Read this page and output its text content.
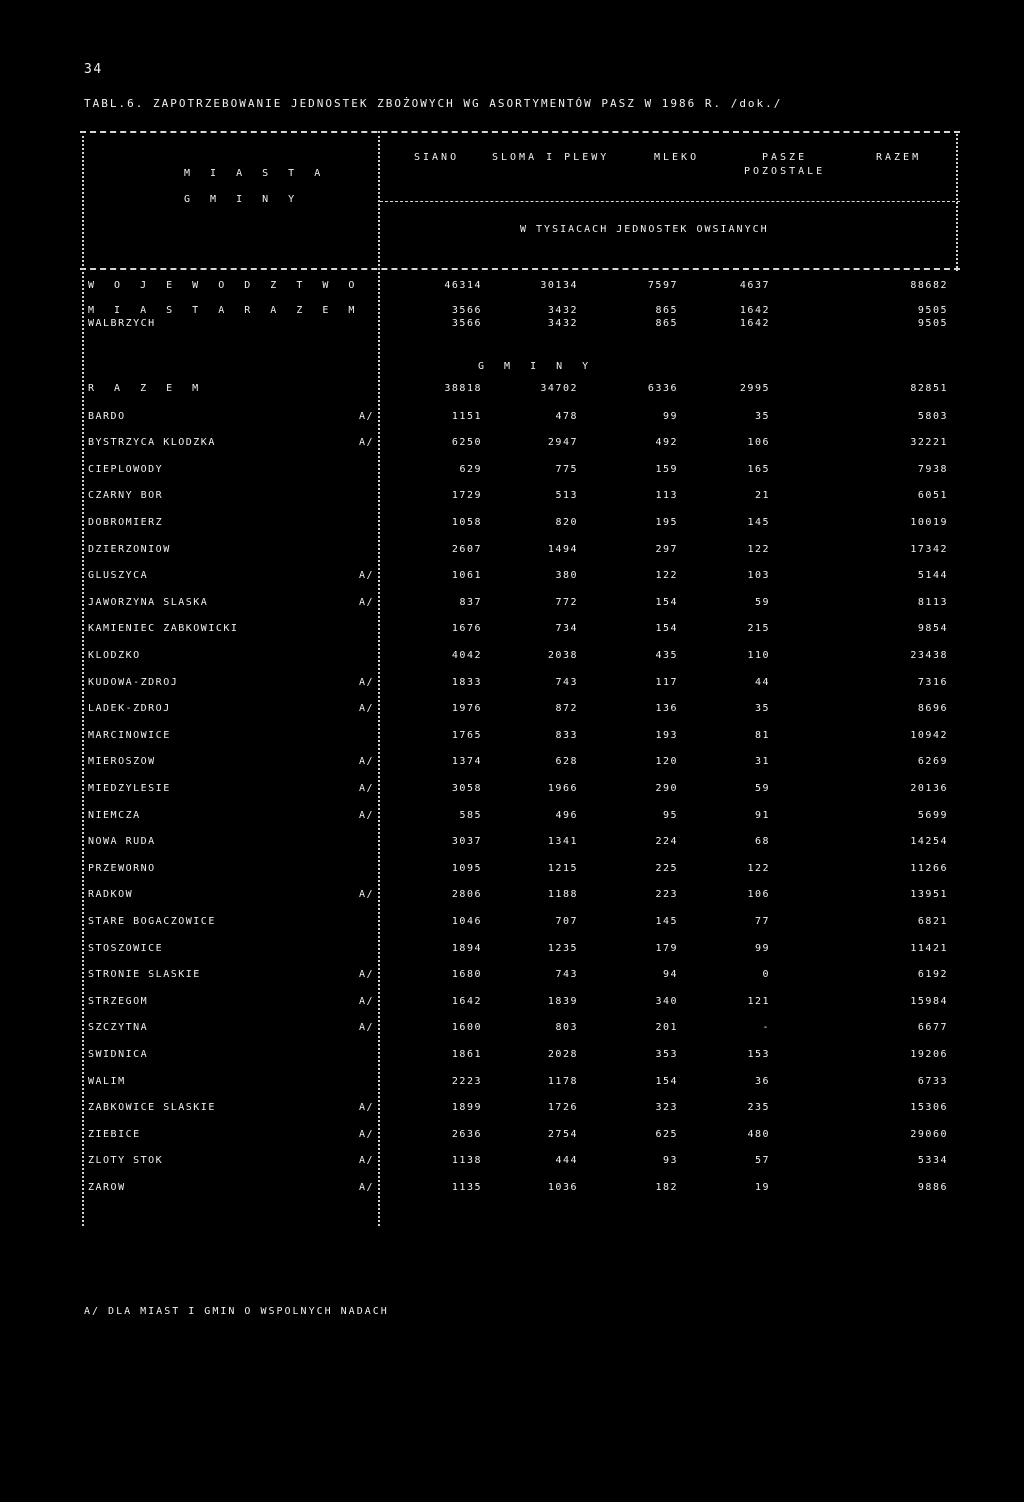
34
TABL.6. ZAPOTRZEBOWANIE JEDNOSTEK ZBOŻOWYCH WG ASORTYMENTÓW PASZ W 1986 R. /dok./
M I A S T A
G M I N Y
SIANO	SLOMA I PLEWY	MLEKO	PASZE
POZOSTALE
RAZEM
W TYSIACACH JEDNOSTEK OWSIANYCH
W O J E W O D Z T W O	46314	30134	7597	4637	88682
M I A S T A R A Z E M	3566	3432	865	1642	9505
WALBRZYCH	3566	3432	865	1642	9505
G M I N Y
R A Z E M	38818	34702	6336	2995	82851
BARDO	A/	1151	478	99	35	5803
BYSTRZYCA KLODZKA	A/	6250	2947	492	106	32221
CIEPLOWODY	629	775	159	165	7938
CZARNY BOR	1729	513	113	21	6051
DOBROMIERZ	1058	820	195	145	10019
DZIERZONIOW	2607	1494	297	122	17342
GLUSZYCA	A/	1061	380	122	103	5144
JAWORZYNA SLASKA	A/	837	772	154	59	8113
KAMIENIEC ZABKOWICKI	1676	734	154	215	9854
KLODZKO	4042	2038	435	110	23438
KUDOWA-ZDROJ	A/	1833	743	117	44	7316
LADEK-ZDROJ	A/	1976	872	136	35	8696
MARCINOWICE	1765	833	193	81	10942
MIEROSZOW	A/	1374	628	120	31	6269
MIEDZYLESIE	A/	3058	1966	290	59	20136
NIEMCZA	A/	585	496	95	91	5699
NOWA RUDA	3037	1341	224	68	14254
PRZEWORNO	1095	1215	225	122	11266
RADKOW	A/	2806	1188	223	106	13951
STARE BOGACZOWICE	1046	707	145	77	6821
STOSZOWICE	1894	1235	179	99	11421
STRONIE SLASKIE	A/	1680	743	94	0	6192
STRZEGOM	A/	1642	1839	340	121	15984
SZCZYTNA	A/	1600	803	201	-	6677
SWIDNICA	1861	2028	353	153	19206
WALIM	2223	1178	154	36	6733
ZABKOWICE SLASKIE	A/	1899	1726	323	235	15306
ZIEBICE	A/	2636	2754	625	480	29060
ZLOTY STOK	A/	1138	444	93	57	5334
ZAROW	A/	1135	1036	182	19	9886
A/ DLA MIAST I GMIN O WSPOLNYCH NADACH
